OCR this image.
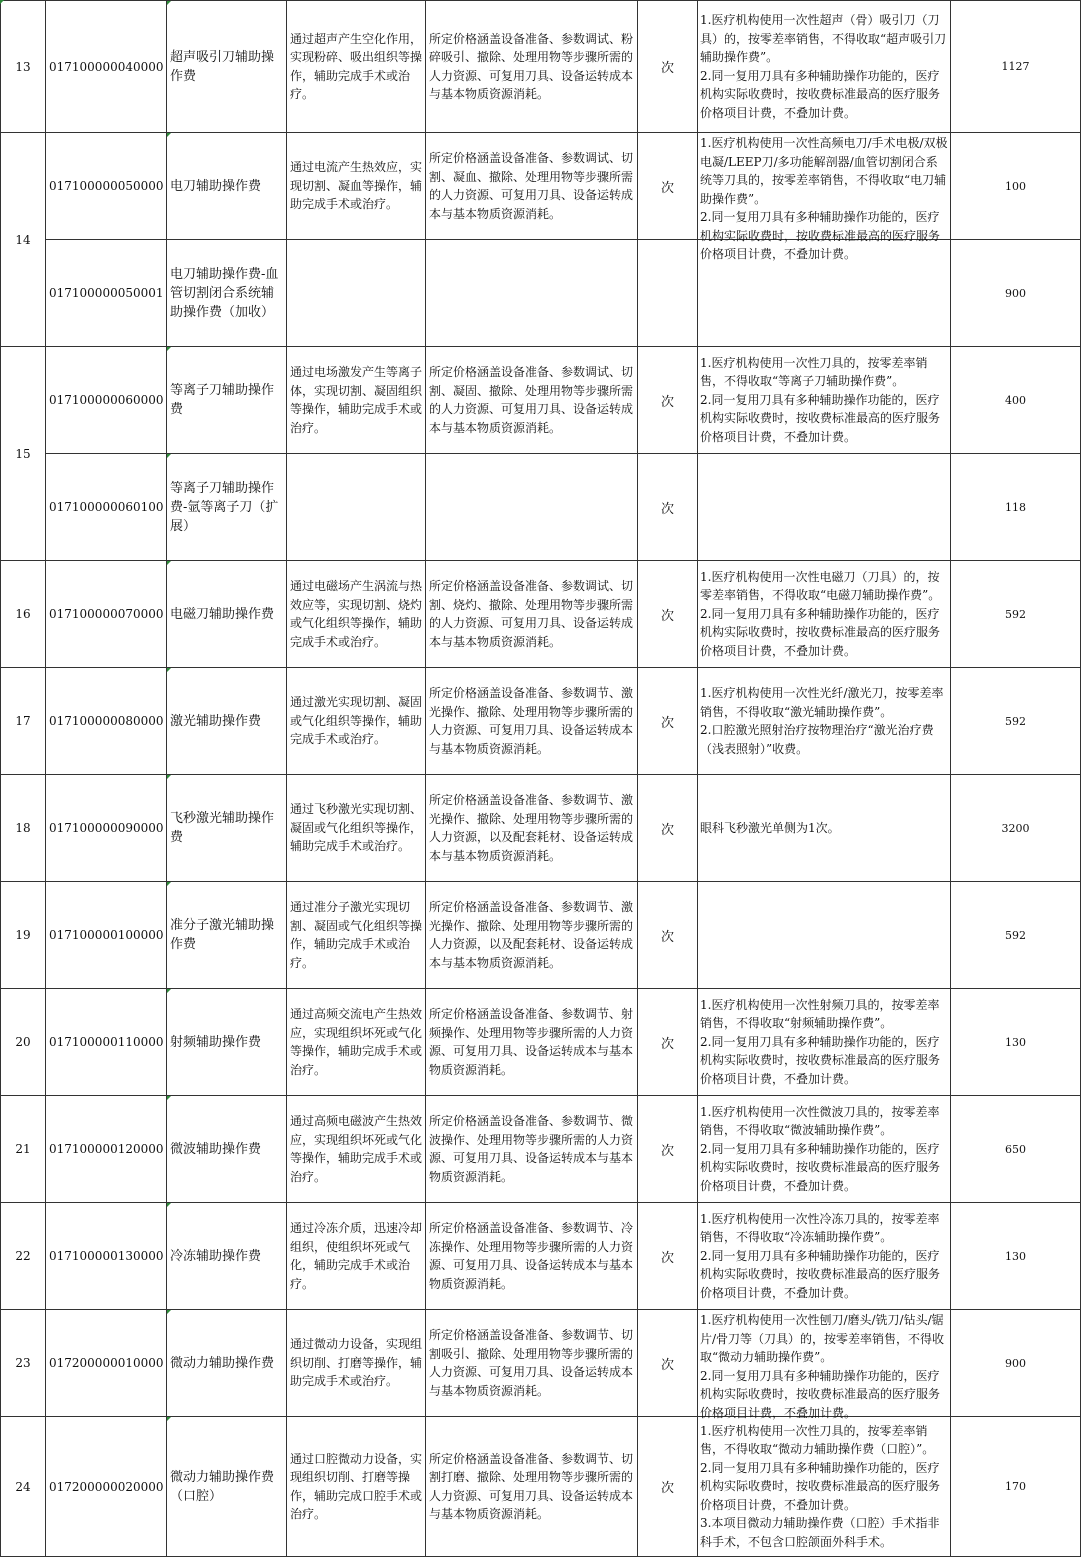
13	017100000040000	超声吸引刀辅助操作费	通过超声产生空化作用，实现粉碎、吸出组织等操作，辅助完成手术或治疗。	所定价格涵盖设备准备、参数调试、粉碎吸引、撤除、处理用物等步骤所需的人力资源、可复用刀具、设备运转成本与基本物质资源消耗。	次	1.医疗机构使用一次性超声（骨）吸引刀（刀具）的，按零差率销售，不得收取“超声吸引刀辅助操作费”。
2.同一复用刀具有多种辅助操作功能的，医疗机构实际收费时，按收费标准最高的医疗服务价格项目计费，不叠加计费。	1127
14	017100000050000	电刀辅助操作费	通过电流产生热效应，实现切割、凝血等操作，辅助完成手术或治疗。	所定价格涵盖设备准备、参数调试、切割、凝血、撤除、处理用物等步骤所需的人力资源、可复用刀具、设备运转成本与基本物质资源消耗。	次	1.医疗机构使用一次性高频电刀/手术电极/双极电凝/LEEP刀/多功能解剖器/血管切割闭合系统等刀具的，按零差率销售，不得收取“电刀辅助操作费”。
2.同一复用刀具有多种辅助操作功能的，医疗机构实际收费时，按收费标准最高的医疗服务价格项目计费，不叠加计费。	100
	017100000050001	电刀辅助操作费-血管切割闭合系统辅助操作费（加收）					900
15	017100000060000	等离子刀辅助操作费	通过电场激发产生等离子体，实现切割、凝固组织等操作，辅助完成手术或治疗。	所定价格涵盖设备准备、参数调试、切割、凝固、撤除、处理用物等步骤所需的人力资源、可复用刀具、设备运转成本与基本物质资源消耗。	次	1.医疗机构使用一次性刀具的，按零差率销售，不得收取“等离子刀辅助操作费”。
2.同一复用刀具有多种辅助操作功能的，医疗机构实际收费时，按收费标准最高的医疗服务价格项目计费，不叠加计费。	400
	017100000060100	等离子刀辅助操作费-氩等离子刀（扩展）			次		118
16	017100000070000	电磁刀辅助操作费	通过电磁场产生涡流与热效应等，实现切割、烧灼或气化组织等操作，辅助完成手术或治疗。	所定价格涵盖设备准备、参数调试、切割、烧灼、撤除、处理用物等步骤所需的人力资源、可复用刀具、设备运转成本与基本物质资源消耗。	次	1.医疗机构使用一次性电磁刀（刀具）的，按零差率销售，不得收取“电磁刀辅助操作费”。
2.同一复用刀具有多种辅助操作功能的，医疗机构实际收费时，按收费标准最高的医疗服务价格项目计费，不叠加计费。	592
17	017100000080000	激光辅助操作费	通过激光实现切割、凝固或气化组织等操作，辅助完成手术或治疗。	所定价格涵盖设备准备、参数调节、激光操作、撤除、处理用物等步骤所需的人力资源、可复用刀具、设备运转成本与基本物质资源消耗。	次	1.医疗机构使用一次性光纤/激光刀，按零差率销售，不得收取“激光辅助操作费”。
2.口腔激光照射治疗按物理治疗“激光治疗费（浅表照射）”收费。	592
18	017100000090000	飞秒激光辅助操作费	通过飞秒激光实现切割、凝固或气化组织等操作，辅助完成手术或治疗。	所定价格涵盖设备准备、参数调节、激光操作、撤除、处理用物等步骤所需的人力资源，以及配套耗材、设备运转成本与基本物质资源消耗。	次	眼科飞秒激光单侧为1次。	3200
19	017100000100000	准分子激光辅助操作费	通过准分子激光实现切割、凝固或气化组织等操作，辅助完成手术或治疗。	所定价格涵盖设备准备、参数调节、激光操作、撤除、处理用物等步骤所需的人力资源，以及配套耗材、设备运转成本与基本物质资源消耗。	次		592
20	017100000110000	射频辅助操作费	通过高频交流电产生热效应，实现组织坏死或气化等操作，辅助完成手术或治疗。	所定价格涵盖设备准备、参数调节、射频操作、处理用物等步骤所需的人力资源、可复用刀具、设备运转成本与基本物质资源消耗。	次	1.医疗机构使用一次性射频刀具的，按零差率销售，不得收取“射频辅助操作费”。
2.同一复用刀具有多种辅助操作功能的，医疗机构实际收费时，按收费标准最高的医疗服务价格项目计费，不叠加计费。	130
21	017100000120000	微波辅助操作费	通过高频电磁波产生热效应，实现组织坏死或气化等操作，辅助完成手术或治疗。	所定价格涵盖设备准备、参数调节、微波操作、处理用物等步骤所需的人力资源、可复用刀具、设备运转成本与基本物质资源消耗。	次	1.医疗机构使用一次性微波刀具的，按零差率销售，不得收取“微波辅助操作费”。
2.同一复用刀具有多种辅助操作功能的，医疗机构实际收费时，按收费标准最高的医疗服务价格项目计费，不叠加计费。	650
22	017100000130000	冷冻辅助操作费	通过冷冻介质，迅速冷却组织，使组织坏死或气化，辅助完成手术或治疗。	所定价格涵盖设备准备、参数调节、冷冻操作、处理用物等步骤所需的人力资源、可复用刀具、设备运转成本与基本物质资源消耗。	次	1.医疗机构使用一次性冷冻刀具的，按零差率销售，不得收取“冷冻辅助操作费”。
2.同一复用刀具有多种辅助操作功能的，医疗机构实际收费时，按收费标准最高的医疗服务价格项目计费，不叠加计费。	130
23	017200000010000	微动力辅助操作费	通过微动力设备，实现组织切削、打磨等操作，辅助完成手术或治疗。	所定价格涵盖设备准备、参数调节、切割吸引、撤除、处理用物等步骤所需的人力资源、可复用刀具、设备运转成本与基本物质资源消耗。	次	1.医疗机构使用一次性刨刀/磨头/铣刀/钻头/锯片/骨刀等（刀具）的，按零差率销售，不得收取“微动力辅助操作费”。
2.同一复用刀具有多种辅助操作功能的，医疗机构实际收费时，按收费标准最高的医疗服务价格项目计费，不叠加计费。	900
24	017200000020000	微动力辅助操作费（口腔）	通过口腔微动力设备，实现组织切削、打磨等操作，辅助完成口腔手术或治疗。	所定价格涵盖设备准备、参数调节、切割打磨、撤除、处理用物等步骤所需的人力资源、可复用刀具、设备运转成本与基本物质资源消耗。	次	1.医疗机构使用一次性刀具的，按零差率销售，不得收取“微动力辅助操作费（口腔）”。
2.同一复用刀具有多种辅助操作功能的，医疗机构实际收费时，按收费标准最高的医疗服务价格项目计费，不叠加计费。
3.本项目微动力辅助操作费（口腔）手术指非科手术，不包含口腔颌面外科手术。	170
